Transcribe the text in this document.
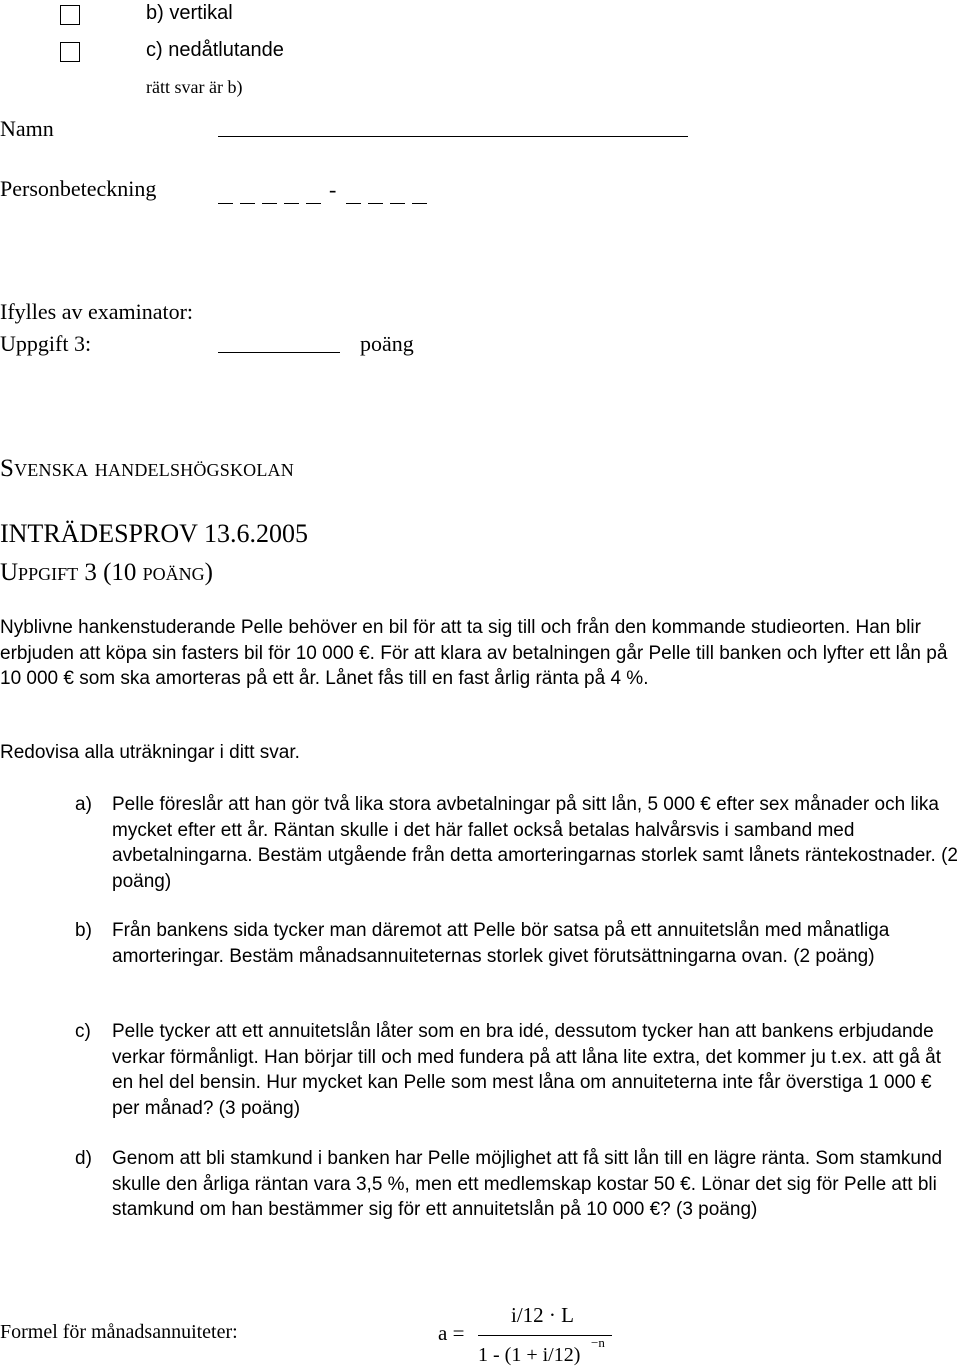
b) vertikal
c) nedåtlutande
rätt svar är b)
Namn
Personbeteckning	-
Ifylles av examinator:
Uppgift 3:	poäng
Svenska handelshögskolan
INTRÄDESPROV 13.6.2005
Uppgift 3 (10 poäng)

Nyblivne hankenstuderande Pelle behöver en bil för att ta sig till och från den kommande studieorten. Han blir erbjuden att köpa sin fasters bil för 10 000 €. För att klara av betalningen går Pelle till banken och lyfter ett lån på 10 000 € som ska amorteras på ett år. Lånet fås till en fast årlig ränta på 4 %.

Redovisa alla uträkningar i ditt svar.
a) Pelle föreslår att han gör två lika stora avbetalningar på sitt lån, 5 000 € efter sex månader och lika mycket efter ett år. Räntan skulle i det här fallet också betalas halvårsvis i samband med avbetalningarna. Bestäm utgående från detta amorteringarnas storlek samt lånets räntekostnader. (2 poäng)
b) Från bankens sida tycker man däremot att Pelle bör satsa på ett annuitetslån med månatliga amorteringar. Bestäm månadsannuiteternas storlek givet förutsättningarna ovan. (2 poäng)
c) Pelle tycker att ett annuitetslån låter som en bra idé, dessutom tycker han att bankens erbjudande verkar förmånligt. Han börjar till och med fundera på att låna lite extra, det kommer ju t.ex. att gå åt en hel del bensin. Hur mycket kan Pelle som mest låna om annuiteterna inte får överstiga 1 000 € per månad? (3 poäng)
d) Genom att bli stamkund i banken har Pelle möjlighet att få sitt lån till en lägre ränta. Som stamkund skulle den årliga räntan vara 3,5 %, men ett medlemskap kostar 50 €. Lönar det sig för Pelle att bli stamkund om han bestämmer sig för ett annuitetslån på 10 000 €? (3 poäng)
Formel för månadsannuiteter:	a =
i/12 · L
1 - (1 + i/12)
−n
